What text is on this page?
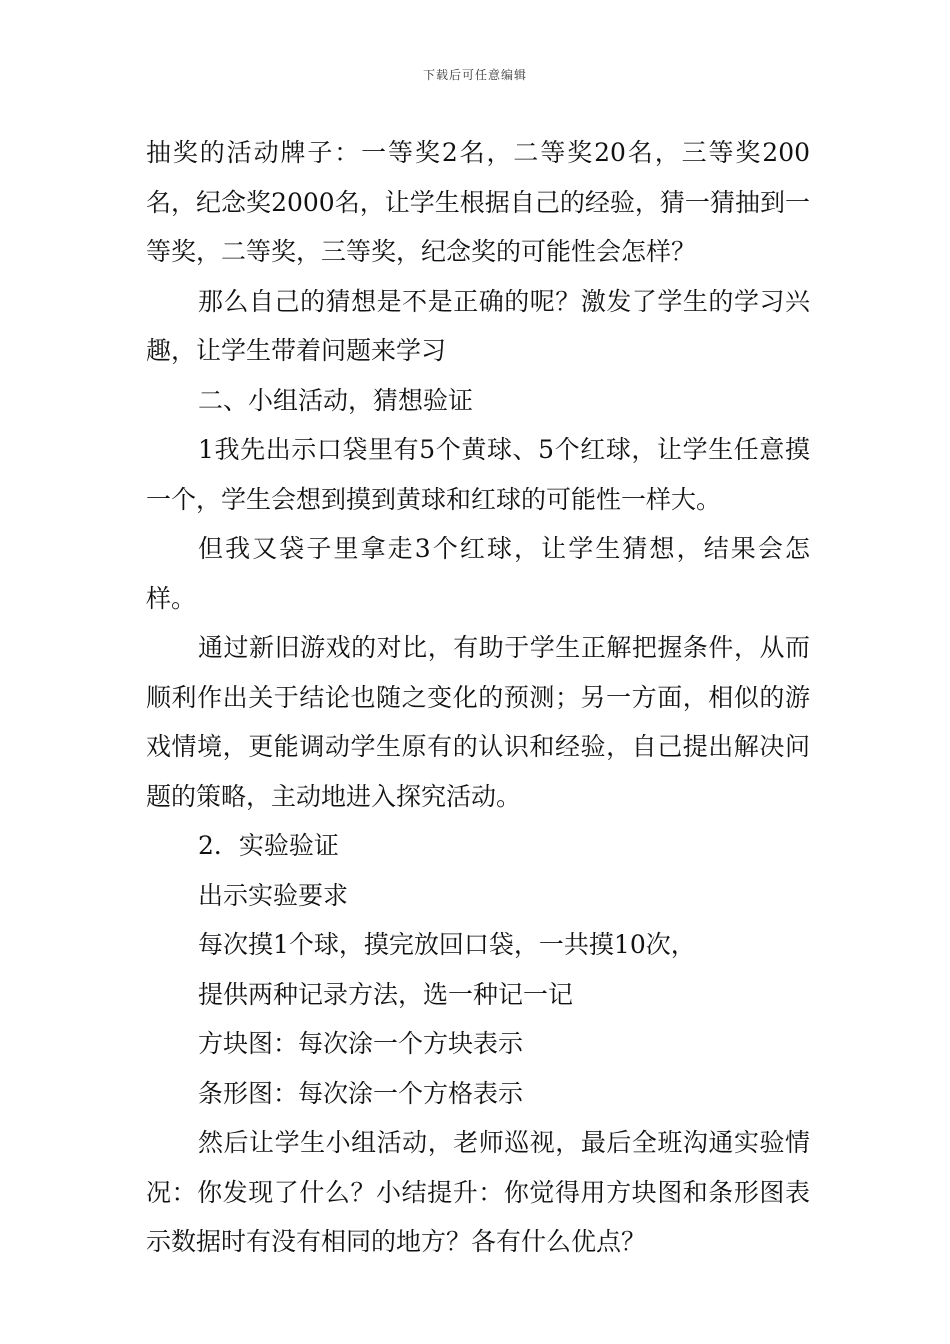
下载后可任意编辑

抽奖的活动牌子：一等奖2名，二等奖20名，三等奖200名，纪念奖2000名，让学生根据自己的经验，猜一猜抽到一等奖，二等奖，三等奖，纪念奖的可能性会怎样？

那么自己的猜想是不是正确的呢？激发了学生的学习兴趣，让学生带着问题来学习

二、小组活动，猜想验证

1我先出示口袋里有5个黄球、5个红球，让学生任意摸一个，学生会想到摸到黄球和红球的可能性一样大。

但我又袋子里拿走3个红球，让学生猜想，结果会怎样。

通过新旧游戏的对比，有助于学生正解把握条件，从而顺利作出关于结论也随之变化的预测；另一方面，相似的游戏情境，更能调动学生原有的认识和经验，自己提出解决问题的策略，主动地进入探究活动。

2．实验验证

出示实验要求

每次摸1个球，摸完放回口袋，一共摸10次，

提供两种记录方法，选一种记一记

方块图：每次涂一个方块表示

条形图：每次涂一个方格表示

然后让学生小组活动，老师巡视，最后全班沟通实验情况：你发现了什么？小结提升：你觉得用方块图和条形图表示数据时有没有相同的地方？各有什么优点？
